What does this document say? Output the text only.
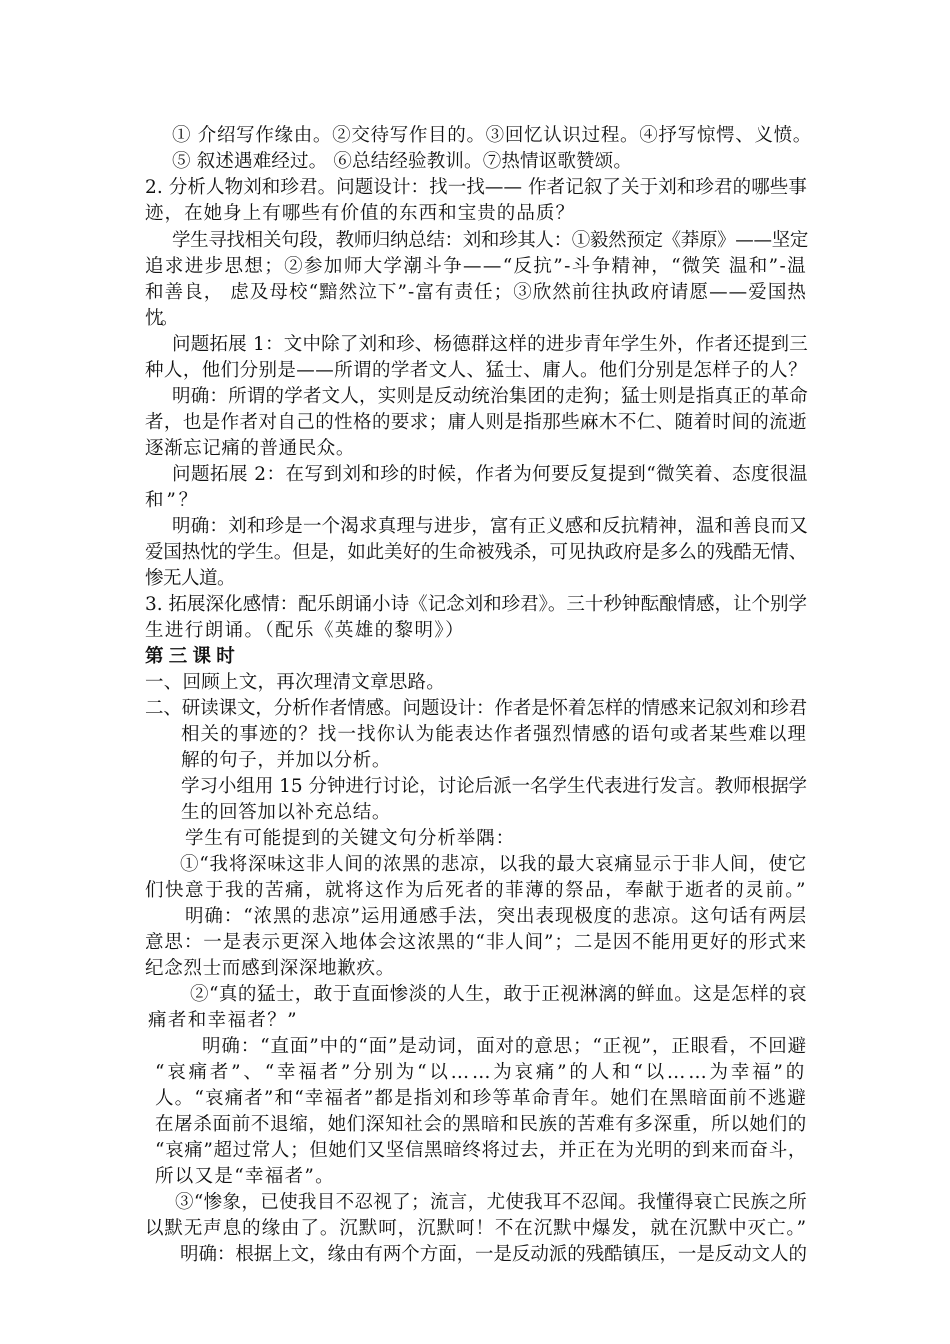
① 介绍写作缘由。②交待写作目的。③回忆认识过程。④抒写惊愕、义愤。
⑤ 叙述遇难经过。 ⑥总结经验教训。⑦热情讴歌赞颂。
2. 分析人物刘和珍君。问题设计：找一找—— 作者记叙了关于刘和珍君的哪些事
迹，在她身上有哪些有价值的东西和宝贵的品质？
学生寻找相关句段，教师归纳总结：刘和珍其人：①毅然预定《莽原》——坚定
追求进步思想；②参加师大学潮斗争——“反抗”-斗争精神，“微笑 温和”-温
和善良， 虑及母校“黯然泣下”-富有责任；③欣然前往执政府请愿——爱国热
忱。
问题拓展 1：文中除了刘和珍、杨德群这样的进步青年学生外，作者还提到三
种人，他们分别是——所谓的学者文人、猛士、庸人。他们分别是怎样子的人？
明确：所谓的学者文人，实则是反动统治集团的走狗；猛士则是指真正的革命
者，也是作者对自己的性格的要求；庸人则是指那些麻木不仁、随着时间的流逝
逐渐忘记痛的普通民众。
问题拓展 2：在写到刘和珍的时候，作者为何要反复提到“微笑着、态度很温
和”？
明确：刘和珍是一个渴求真理与进步，富有正义感和反抗精神，温和善良而又
爱国热忱的学生。但是，如此美好的生命被残杀，可见执政府是多么的残酷无情、
惨无人道。
3. 拓展深化感情：配乐朗诵小诗《记念刘和珍君》。三十秒钟酝酿情感，让个别学
生进行朗诵。（配乐《英雄的黎明》）
第三课时
一、回顾上文，再次理清文章思路。
二、研读课文，分析作者情感。问题设计：作者是怀着怎样的情感来记叙刘和珍君
相关的事迹的？找一找你认为能表达作者强烈情感的语句或者某些难以理
解的句子，并加以分析。
学习小组用 15 分钟进行讨论，讨论后派一名学生代表进行发言。教师根据学
生的回答加以补充总结。
学生有可能提到的关键文句分析举隅：
①“我将深味这非人间的浓黑的悲凉，以我的最大哀痛显示于非人间，使它
们快意于我的苦痛，就将这作为后死者的菲薄的祭品，奉献于逝者的灵前。”
明确：“浓黑的悲凉”运用通感手法，突出表现极度的悲凉。这句话有两层
意思：一是表示更深入地体会这浓黑的“非人间”；二是因不能用更好的形式来
纪念烈士而感到深深地歉疚。
②“真的猛士，敢于直面惨淡的人生，敢于正视淋漓的鲜血。这是怎样的哀
痛者和幸福者？”
明确：“直面”中的“面”是动词，面对的意思；“正视”，正眼看，不回避
“哀痛者”、“幸福者”分别为“以……为哀痛”的人和“以……为幸福”的
人。“哀痛者”和“幸福者”都是指刘和珍等革命青年。她们在黑暗面前不逃避
在屠杀面前不退缩，她们深知社会的黑暗和民族的苦难有多深重，所以她们的
“哀痛”超过常人；但她们又坚信黑暗终将过去，并正在为光明的到来而奋斗，
所以又是“幸福者”。
③“惨象，已使我目不忍视了；流言，尤使我耳不忍闻。我懂得衰亡民族之所
以默无声息的缘由了。沉默呵，沉默呵！不在沉默中爆发，就在沉默中灭亡。”
明确：根据上文，缘由有两个方面，一是反动派的残酷镇压，一是反动文人的
